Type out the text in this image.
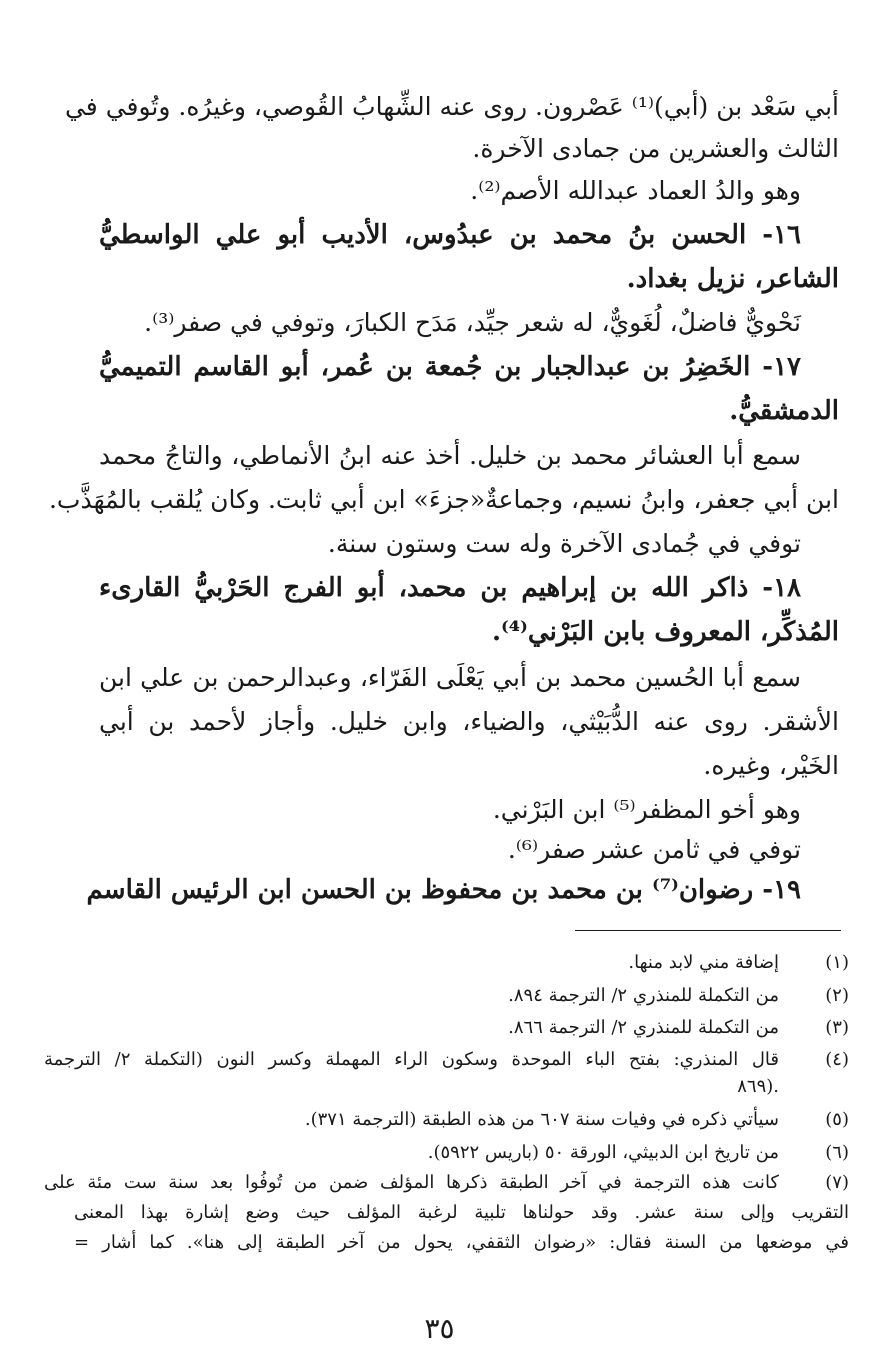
أبي سَعْد بن (أبي)⁽¹⁾ عَصْرون. روى عنه الشِّهابُ القُوصي، وغيرُه. وتُوفي في
الثالث والعشرين من جمادى الآخرة.
وهو والدُ العماد عبدالله الأصم⁽²⁾.
١٦- الحسن بنُ محمد بن عبدُوس، الأديب أبو علي الواسطيُّ
الشاعر، نزيل بغداد.
نَحْويٌّ فاضلٌ، لُغَويٌّ، له شعر جيِّد، مَدَح الكبارَ، وتوفي في صفر⁽³⁾.
١٧- الخَضِرُ بن عبدالجبار بن جُمعة بن عُمر، أبو القاسم التميميُّ
الدمشقيُّ.
سمع أبا العشائر محمد بن خليل. أخذ عنه ابنُ الأنماطي، والتاجُ محمد
ابن أبي جعفر، وابنُ نسيم، وجماعةٌ«جزءَ» ابن أبي ثابت. وكان يُلقب بالمُهَذَّب.
توفي في جُمادى الآخرة وله ست وستون سنة.
١٨- ذاكر الله بن إبراهيم بن محمد، أبو الفرج الحَرْبيُّ القارىء
المُذكِّر، المعروف بابن البَرْني⁽⁴⁾.
سمع أبا الحُسين محمد بن أبي يَعْلَى الفَرّاء، وعبدالرحمن بن علي ابن
الأشقر. روى عنه الدُّبَيْثي، والضياء، وابن خليل. وأجاز لأحمد بن أبي
الخَيْر، وغيره.
وهو أخو المظفر⁽⁵⁾ ابن البَرْني.
توفي في ثامن عشر صفر⁽⁶⁾.
١٩- رضوان⁽⁷⁾ بن محمد بن محفوظ بن الحسن ابن الرئيس القاسم
(١)
إضافة مني لابد منها.
(٢)
من التكملة للمنذري ٢/ الترجمة ٨٩٤.
(٣)
من التكملة للمنذري ٢/ الترجمة ٨٦٦.
(٤)
قال المنذري: بفتح الباء الموحدة وسكون الراء المهملة وكسر النون (التكملة ٢/ الترجمة
٨٦٩).
(٥)
سيأتي ذكره في وفيات سنة ٦٠٧ من هذه الطبقة (الترجمة ٣٧١).
(٦)
من تاريخ ابن الدبيثي، الورقة ٥٠ (باريس ٥٩٢٢).
(٧)
كانت هذه الترجمة في آخر الطبقة ذكرها المؤلف ضمن من تُوفُوا بعد سنة ست مئة على
التقريب وإلى سنة عشر. وقد حولناها تلبية لرغبة المؤلف حيث وضع إشارة بهذا المعنى
في موضعها من السنة فقال: «رضوان الثقفي، يحول من آخر الطبقة إلى هنا». كما أشار =
٣٥
